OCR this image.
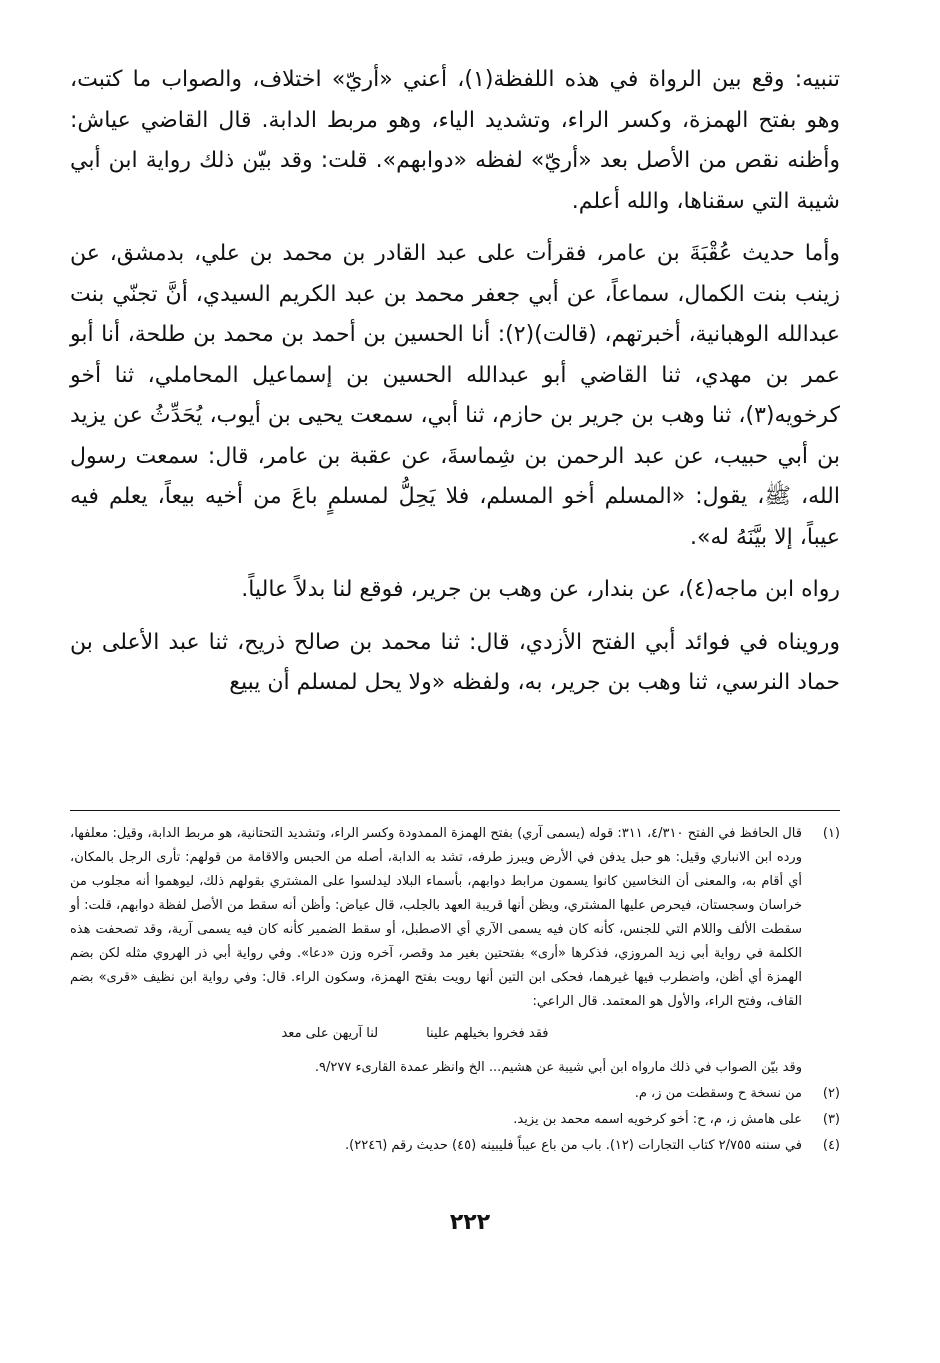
تنبيه: وقع بين الرواة في هذه اللفظة(١)، أعني «أريّ» اختلاف، والصواب ما كتبت، وهو بفتح الهمزة، وكسر الراء، وتشديد الياء، وهو مربط الدابة. قال القاضي عياش: وأظنه نقص من الأصل بعد «أريّ» لفظه «دوابهم». قلت: وقد بيّن ذلك رواية ابن أبي شيبة التي سقناها، والله أعلم.

وأما حديث عُقْبَةَ بن عامر، فقرأت على عبد القادر بن محمد بن علي، بدمشق، عن زينب بنت الكمال، سماعاً، عن أبي جعفر محمد بن عبد الكريم السيدي، أنَّ تجنّي بنت عبدالله الوهبانية، أخبرتهم، (قالت)(٢): أنا الحسين بن أحمد بن محمد بن طلحة، أنا أبو عمر بن مهدي، ثنا القاضي أبو عبدالله الحسين بن إسماعيل المحاملي، ثنا أخو كرخويه(٣)، ثنا وهب بن جرير بن حازم، ثنا أبي، سمعت يحيى بن أيوب، يُحَدِّثُ عن يزيد بن أبي حبيب، عن عبد الرحمن بن شِماسةَ، عن عقبة بن عامر، قال: سمعت رسول الله، ﷺ، يقول: «المسلم أخو المسلم، فلا يَحِلُّ لمسلمٍ باعَ من أخيه بيعاً، يعلم فيه عيباً، إلا بيَّنَهُ له».

رواه ابن ماجه(٤)، عن بندار، عن وهب بن جرير، فوقع لنا بدلاً عالياً.

ورويناه في فوائد أبي الفتح الأزدي، قال: ثنا محمد بن صالح ذريح، ثنا عبد الأعلى بن حماد النرسي، ثنا وهب بن جرير، به، ولفظه «ولا يحل لمسلم أن يبيع

(١)

قال الحافظ في الفتح ٤/٣١٠، ٣١١: قوله (يسمى آري) بفتح الهمزة الممدودة وكسر الراء، وتشديد التحتانية، هو مربط الدابة، وقيل: معلفها، ورده ابن الانباري وقيل: هو حبل يدفن في الأرض ويبرز طرفه، تشد به الدابة، أصله من الحبس والاقامة من قولهم: تأرى الرجل بالمكان، أي أقام به، والمعنى أن النخاسين كانوا يسمون مرابط دوابهم، بأسماء البلاد ليدلسوا على المشتري بقولهم ذلك، ليوهموا أنه مجلوب من خراسان وسجستان، فيحرص عليها المشتري، ويظن أنها قريبة العهد بالجلب، قال عياض: وأظن أنه سقط من الأصل لفظة دوابهم، قلت: أو سقطت الألف واللام التي للجنس، كأنه كان فيه يسمى الآري أي الاصطبل، أو سقط الضمير كأنه كان فيه يسمى آرية، وقد تصحفت هذه الكلمة في رواية أبي زيد المروزي، فذكرها «أرى» بفتحتين بغير مد وقصر، آخره وزن «دعا». وفي رواية أبي ذر الهروي مثله لكن بضم الهمزة أي أظن، واضطرب فيها غيرهما، فحكى ابن التين أنها رويت بفتح الهمزة، وسكون الراء. قال: وفي رواية ابن نظيف «قرى» بضم القاف، وفتح الراء، والأول هو المعتمد. قال الراعي:

فقد فخروا بخيلهم علينا
لنا آريهن على معد
وقد بيّن الصواب في ذلك مارواه ابن أبي شيبة عن هشيم... الخ وانظر عمدة القارىء ٩/٢٧٧.
(٢)
من نسخة ح وسقطت من ز، م.
(٣)
على هامش ز، م، ح: أخو كرخويه اسمه محمد بن يزيد.
(٤)
في سننه ٢/٧٥٥ كتاب التجارات (١٢). باب من باع عيباً فليبينه (٤٥) حديث رقم (٢٢٤٦).
٢٢٢
